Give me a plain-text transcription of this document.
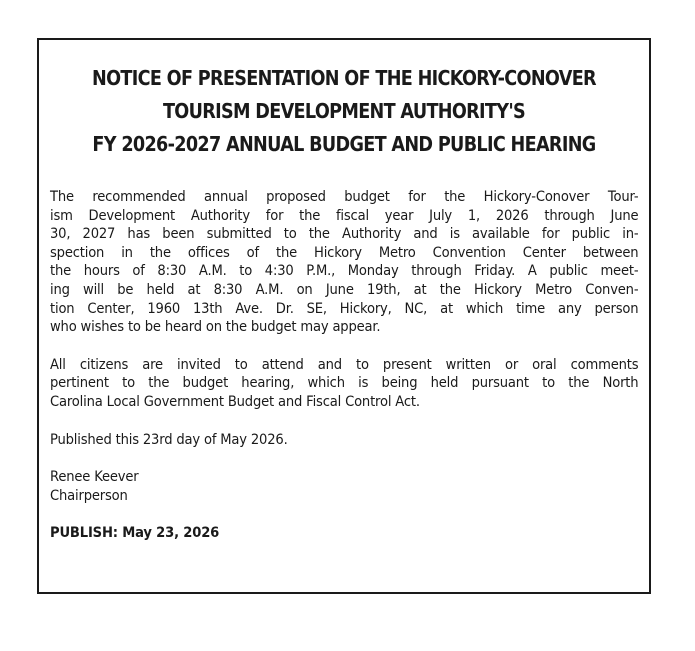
NOTICE OF PRESENTATION OF THE HICKORY-CONOVER
TOURISM DEVELOPMENT AUTHORITY'S
FY 2026-2027 ANNUAL BUDGET AND PUBLIC HEARING
The recommended annual proposed budget for the Hickory-Conover Tour-
ism Development Authority for the fiscal year July 1, 2026 through June
30, 2027 has been submitted to the Authority and is available for public in-
spection in the offices of the Hickory Metro Convention Center between
the hours of 8:30 A.M. to 4:30 P.M., Monday through Friday. A public meet-
ing will be held at 8:30 A.M. on June 19th, at the Hickory Metro Conven-
tion Center, 1960 13th Ave. Dr. SE, Hickory, NC, at which time any person
who wishes to be heard on the budget may appear.
All citizens are invited to attend and to present written or oral comments
pertinent to the budget hearing, which is being held pursuant to the North
Carolina Local Government Budget and Fiscal Control Act.
Published this 23rd day of May 2026.
Renee Keever
Chairperson
PUBLISH: May 23, 2026
